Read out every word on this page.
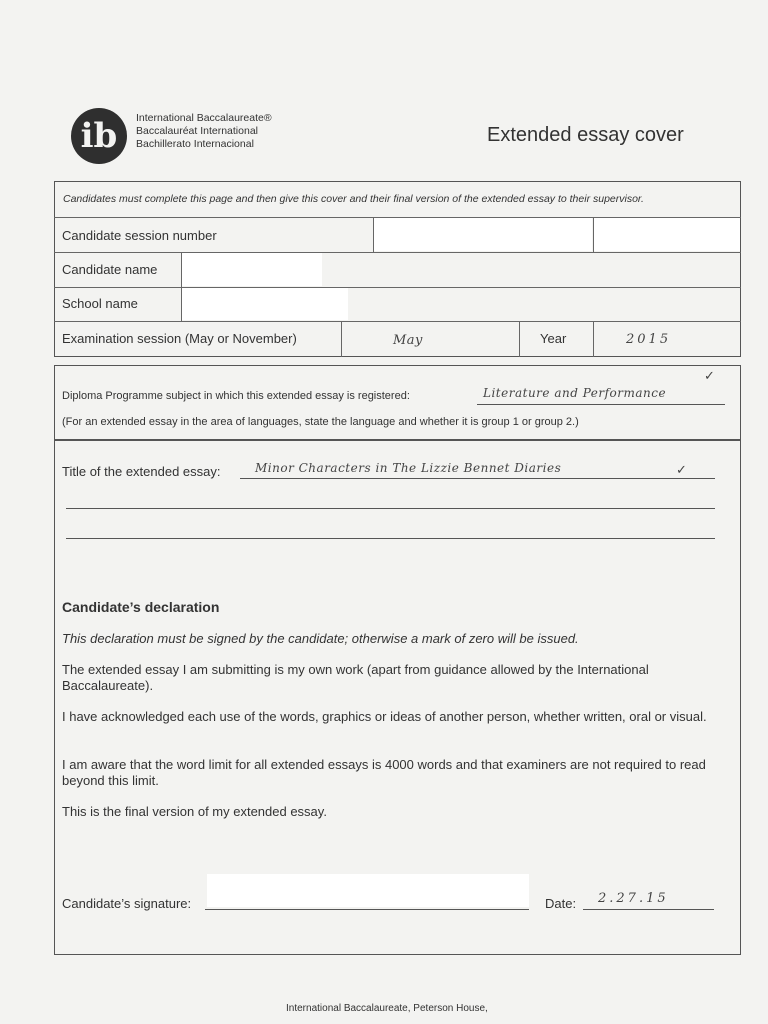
ib International Baccalaureate®
Baccalauréat International
Bachillerato Internacional	Extended essay cover
Candidates must complete this page and then give this cover and their final version of the extended essay to their supervisor.
Candidate session number
Candidate name
School name
Examination session (May or November)	May	Year	2015
Diploma Programme subject in which this extended essay is registered:	Literature and Performance
✓
(For an extended essay in the area of languages, state the language and whether it is group 1 or group 2.)
Title of the extended essay:	Minor Characters in The Lizzie Bennet Diaries	✓
Candidate’s declaration
This declaration must be signed by the candidate; otherwise a mark of zero will be issued.
The extended essay I am submitting is my own work (apart from guidance allowed by the International Baccalaureate).
I have acknowledged each use of the words, graphics or ideas of another person, whether written, oral or visual.
I am aware that the word limit for all extended essays is 4000 words and that examiners are not required to read beyond this limit.
This is the final version of my extended essay.
Candidate’s signature:	Date: 2.27.15
International Baccalaureate, Peterson House,
